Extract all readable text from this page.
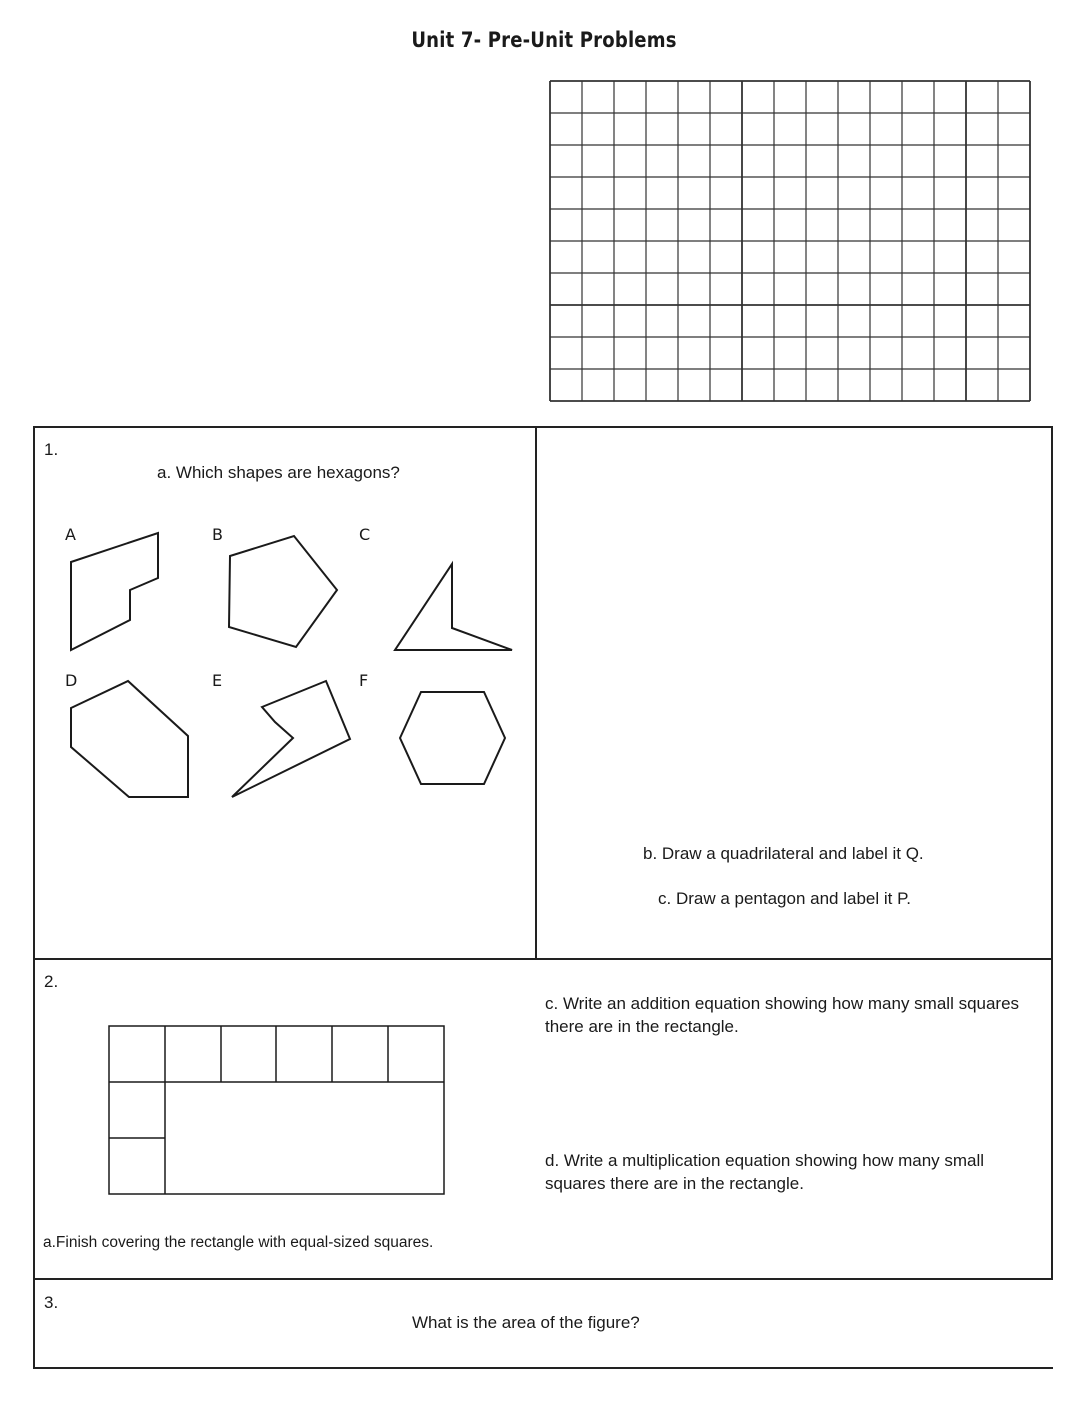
Unit 7- Pre-Unit Problems
1.
a. Which shapes are hexagons?
A	B	C
D	E	F
b. Draw a quadrilateral and label it Q.
c. Draw a pentagon and label it P.
2.
a.Finish covering the rectangle with equal-sized squares.
c. Write an addition equation showing how many small squares there are in the rectangle.
d. Write a multiplication equation showing how many small squares there are in the rectangle.
3.
What is the area of the figure?
